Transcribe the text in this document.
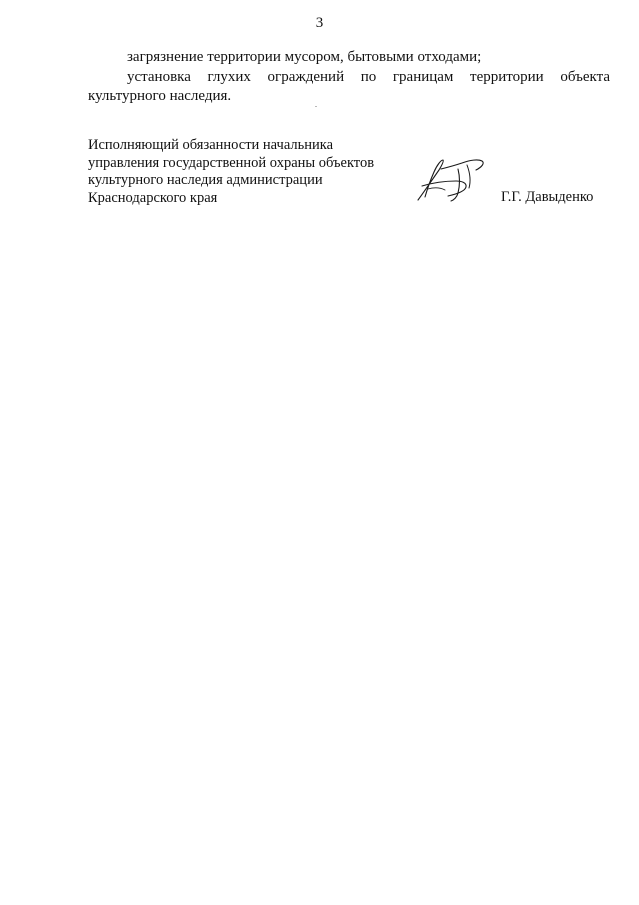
3

загрязнение территории мусором, бытовыми отходами;

установка глухих ограждений по границам территории объекта культурного наследия.

Исполняющий обязанности начальника
управления государственной охраны объектов
культурного наследия администрации
Краснодарского края	Г.Г. Давыденко
